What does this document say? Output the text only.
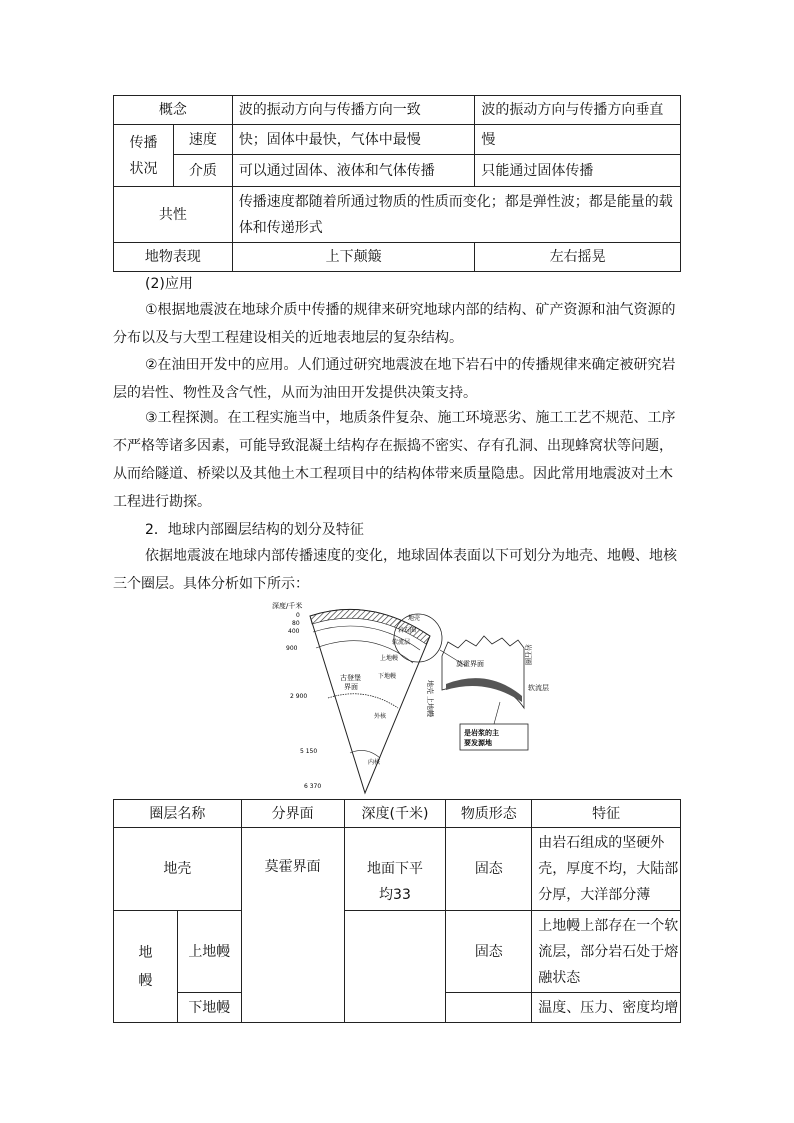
概念		波的振动方向与传播方向一致	波的振动方向与传播方向垂直
传播
状况	速度	快；固体中最快，气体中最慢	慢
	介质	可以通过固体、液体和气体传播	只能通过固体传播
共性		传播速度都随着所通过物质的性质而变化；都是弹性波；都是能量的载体和传递形式	
地物表现		上下颠簸	左右摇晃
(2)应用
①根据地震波在地球介质中传播的规律来研究地球内部的结构、矿产资源和油气资源的分布以及与大型工程建设相关的近地表地层的复杂结构。
②在油田开发中的应用。人们通过研究地震波在地下岩石中的传播规律来确定被研究岩层的岩性、物性及含气性，从而为油田开发提供决策支持。
③工程探测。在工程实施当中，地质条件复杂、施工环境恶劣、施工工艺不规范、工序不严格等诸多因素，可能导致混凝土结构存在振捣不密实、存有孔洞、出现蜂窝状等问题，从而给隧道、桥梁以及其他土木工程项目中的结构体带来质量隐患。因此常用地震波对土木工程进行勘探。
2．地球内部圈层结构的划分及特征
依据地震波在地球内部传播速度的变化，地球固体表面以下可划分为地壳、地幔、地核三个圈层。具体分析如下所示：
深度/千米
0
80
400
900
2 900
5 150
6 370
古登堡界面
地壳
岩石圈
软流层
上地幔
下地幔
外核
内核
莫霍界面
地壳
上地幔
岩石圈
软流层
是岩浆的主要发源地
圈层名称		分界面	深度(千米)	物质形态	特征
地壳		莫霍界面	地面下平均33	固态	由岩石组成的坚硬外壳，厚度不均，大陆部分厚，大洋部分薄
地
幔	上地幔			固态	上地幔上部存在一个软流层，部分岩石处于熔融状态
	下地幔				温度、压力、密度均增
